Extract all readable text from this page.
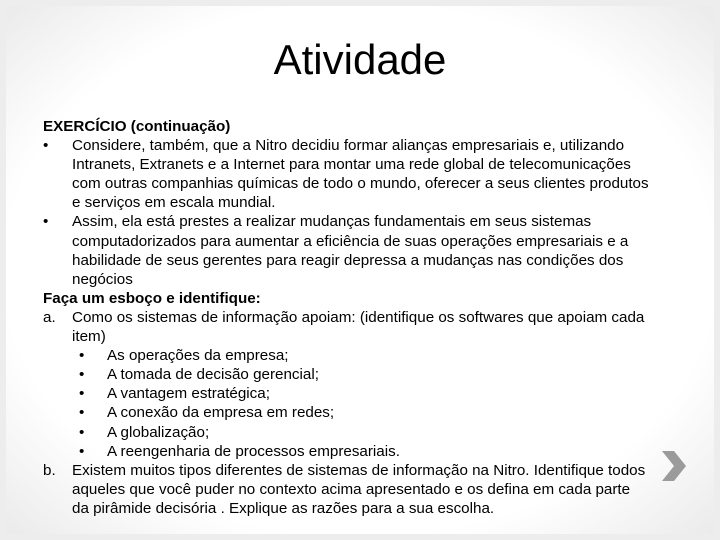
Atividade
EXERCÍCIO (continuação)
•	Considere, também, que a Nitro decidiu formar alianças empresariais e, utilizando
Intranets, Extranets e a Internet para montar uma rede global de telecomunicações
com outras companhias químicas de todo o mundo, oferecer a seus clientes produtos
e serviços em escala mundial.
•	Assim, ela está prestes a realizar mudanças fundamentais em seus sistemas
computadorizados para aumentar a eficiência de suas operações empresariais e a
habilidade de seus gerentes para reagir depressa a mudanças nas condições dos
negócios
Faça um esboço e identifique:
a.	Como os sistemas de informação apoiam: (identifique os softwares que apoiam cada
item)
• As operações da empresa;
• A tomada de decisão gerencial;
• A vantagem estratégica;
• A conexão da empresa em redes;
• A globalização;
• A reengenharia de processos empresariais.
b.	Existem muitos tipos diferentes de sistemas de informação na Nitro. Identifique todos
aqueles que você puder no contexto acima apresentado e os defina em cada parte
da pirâmide decisória . Explique as razões para a sua escolha.
